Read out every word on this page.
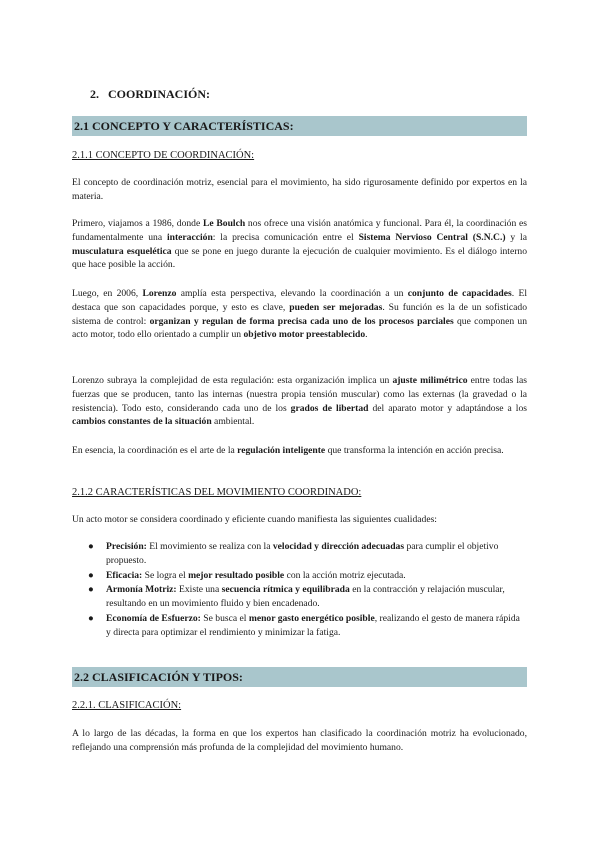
2. COORDINACIÓN:
2.1 CONCEPTO Y CARACTERÍSTICAS:
2.1.1 CONCEPTO DE COORDINACIÓN:

El concepto de coordinación motriz, esencial para el movimiento, ha sido rigurosamente definido por expertos en la materia.

Primero, viajamos a 1986, donde Le Boulch nos ofrece una visión anatómica y funcional. Para él, la coordinación es fundamentalmente una interacción: la precisa comunicación entre el Sistema Nervioso Central (S.N.C.) y la musculatura esquelética que se pone en juego durante la ejecución de cualquier movimiento. Es el diálogo interno que hace posible la acción.

Luego, en 2006, Lorenzo amplía esta perspectiva, elevando la coordinación a un conjunto de capacidades. El destaca que son capacidades porque, y esto es clave, pueden ser mejoradas. Su función es la de un sofisticado sistema de control: organizan y regulan de forma precisa cada uno de los procesos parciales que componen un acto motor, todo ello orientado a cumplir un objetivo motor preestablecido.

Lorenzo subraya la complejidad de esta regulación: esta organización implica un ajuste milimétrico entre todas las fuerzas que se producen, tanto las internas (nuestra propia tensión muscular) como las externas (la gravedad o la resistencia). Todo esto, considerando cada uno de los grados de libertad del aparato motor y adaptándose a los cambios constantes de la situación ambiental.

En esencia, la coordinación es el arte de la regulación inteligente que transforma la intención en acción precisa.

2.1.2 CARACTERÍSTICAS DEL MOVIMIENTO COORDINADO:

Un acto motor se considera coordinado y eficiente cuando manifiesta las siguientes cualidades:

● Precisión: El movimiento se realiza con la velocidad y dirección adecuadas para cumplir el objetivo propuesto.
● Eficacia: Se logra el mejor resultado posible con la acción motriz ejecutada.
● Armonía Motriz: Existe una secuencia rítmica y equilibrada en la contracción y relajación muscular, resultando en un movimiento fluido y bien encadenado.
● Economía de Esfuerzo: Se busca el menor gasto energético posible, realizando el gesto de manera rápida y directa para optimizar el rendimiento y minimizar la fatiga.
2.2 CLASIFICACIÓN Y TIPOS:
2.2.1. CLASIFICACIÓN:

A lo largo de las décadas, la forma en que los expertos han clasificado la coordinación motriz ha evolucionado, reflejando una comprensión más profunda de la complejidad del movimiento humano.
